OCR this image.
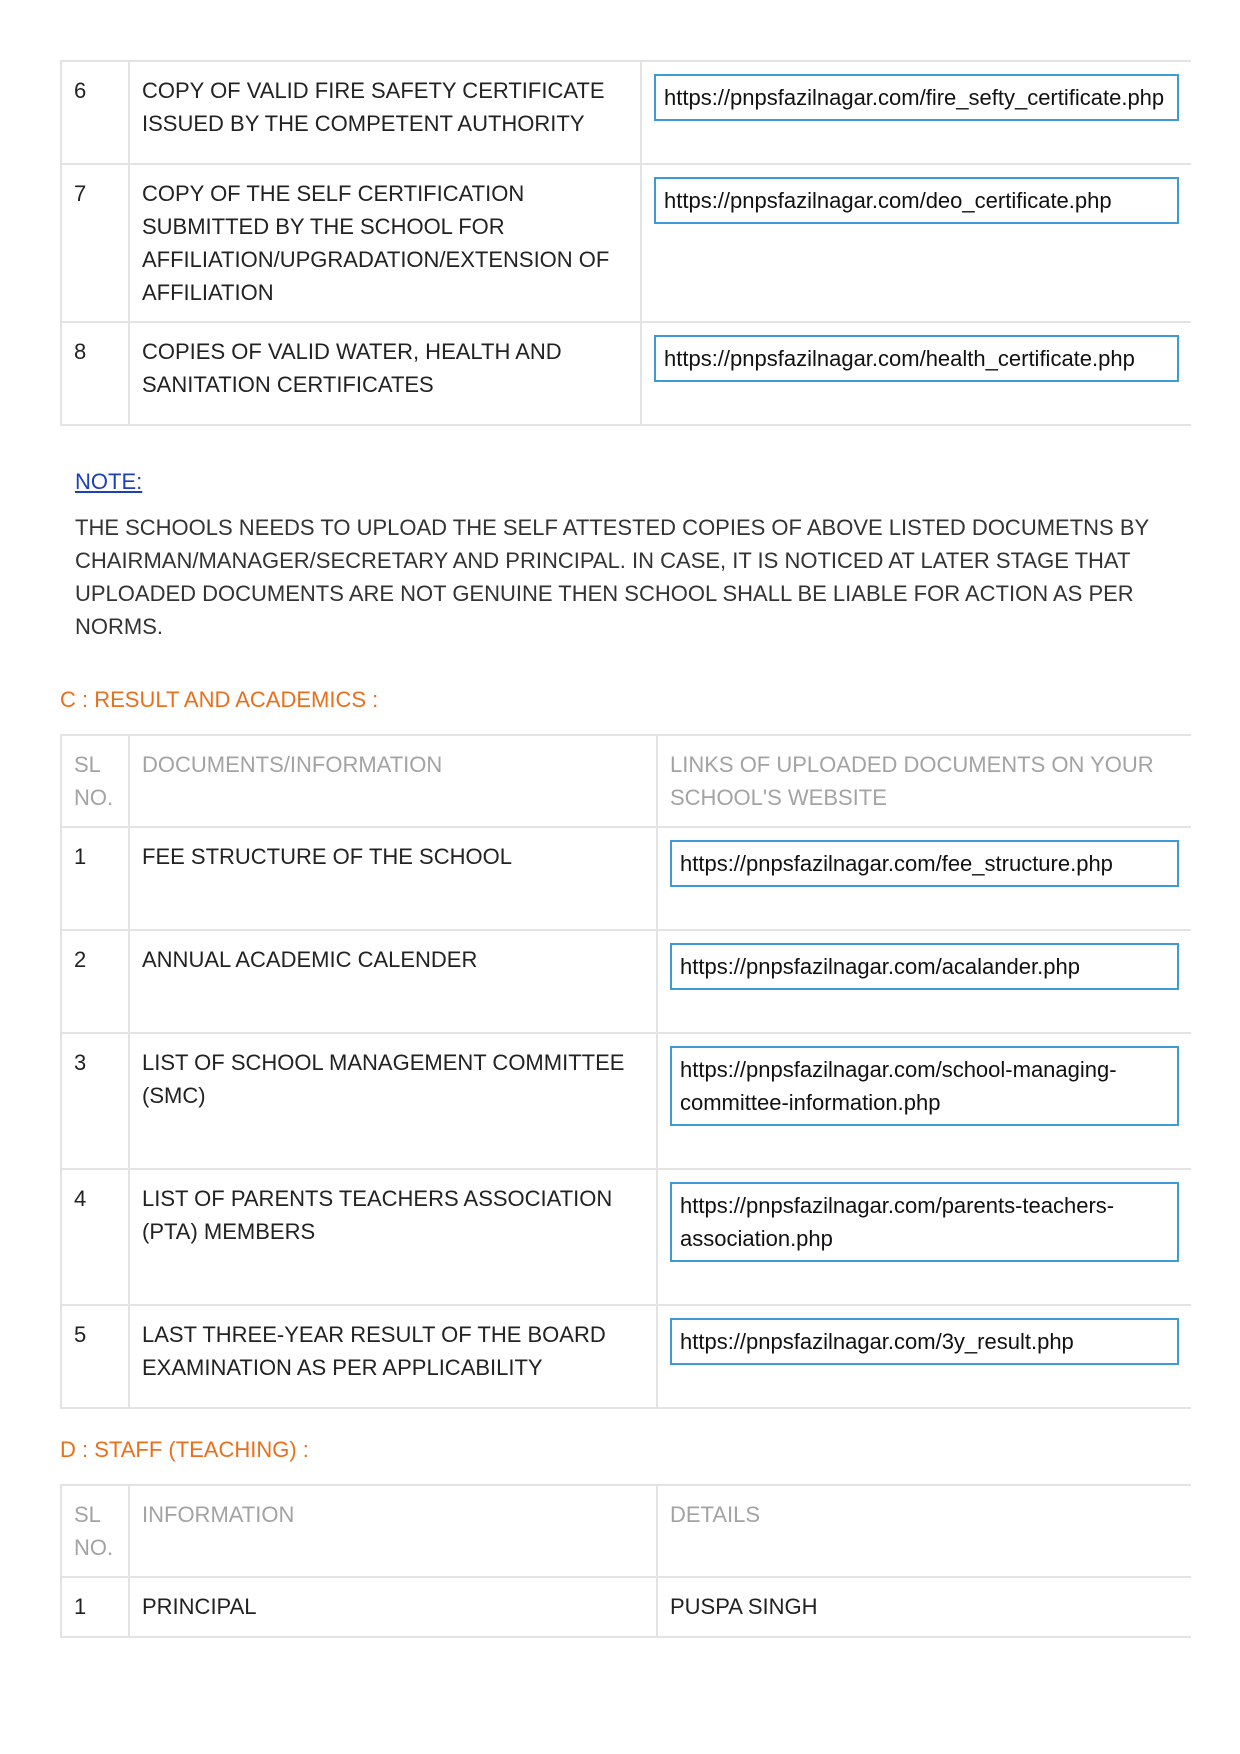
6	COPY OF VALID FIRE SAFETY CERTIFICATE ISSUED BY THE COMPETENT AUTHORITY	https://pnpsfazilnagar.com/fire_sefty_certificate.php

7	COPY OF THE SELF CERTIFICATION SUBMITTED BY THE SCHOOL FOR AFFILIATION/UPGRADATION/EXTENSION OF AFFILIATION	https://pnpsfazilnagar.com/deo_certificate.php

8	COPIES OF VALID WATER, HEALTH AND SANITATION CERTIFICATES	https://pnpsfazilnagar.com/health_certificate.php
NOTE:
THE SCHOOLS NEEDS TO UPLOAD THE SELF ATTESTED COPIES OF ABOVE LISTED DOCUMETNS BY CHAIRMAN/MANAGER/SECRETARY AND PRINCIPAL. IN CASE, IT IS NOTICED AT LATER STAGE THAT UPLOADED DOCUMENTS ARE NOT GENUINE THEN SCHOOL SHALL BE LIABLE FOR ACTION AS PER NORMS.
C : RESULT AND ACADEMICS :
SL NO.	DOCUMENTS/INFORMATION	LINKS OF UPLOADED DOCUMENTS ON YOUR SCHOOL'S WEBSITE
1	FEE STRUCTURE OF THE SCHOOL	https://pnpsfazilnagar.com/fee_structure.php

2	ANNUAL ACADEMIC CALENDER	https://pnpsfazilnagar.com/acalander.php

3	LIST OF SCHOOL MANAGEMENT COMMITTEE (SMC)	https://pnpsfazilnagar.com/school-managing-committee-information.php

4	LIST OF PARENTS TEACHERS ASSOCIATION (PTA) MEMBERS	https://pnpsfazilnagar.com/parents-teachers-association.php

5	LAST THREE-YEAR RESULT OF THE BOARD EXAMINATION AS PER APPLICABILITY	https://pnpsfazilnagar.com/3y_result.php
D : STAFF (TEACHING) :
SL NO.	INFORMATION	DETAILS
1	PRINCIPAL	PUSPA SINGH
